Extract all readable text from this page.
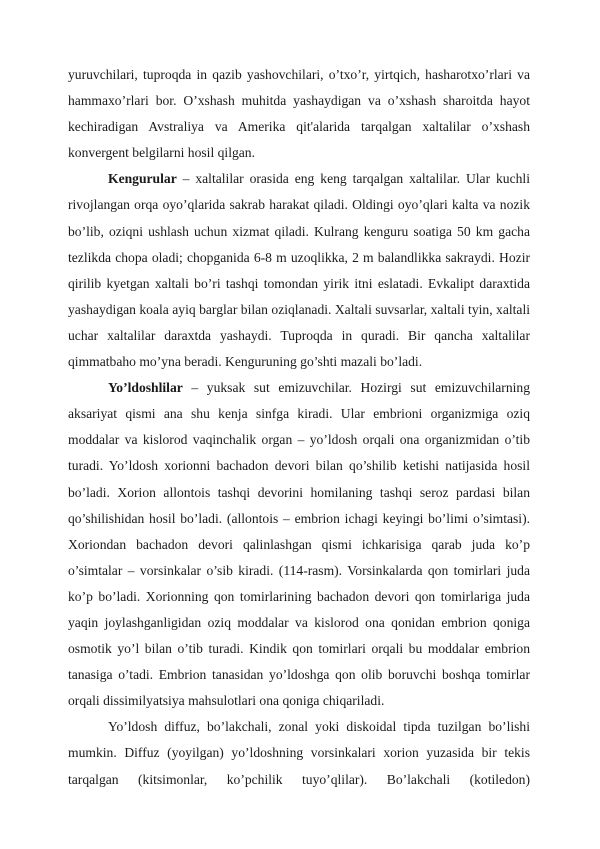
yuruvchilari, tuproqda in qazib yashovchilari, o’txo’r, yirtqich, hasharotxo’rlari va hammaxo’rlari bor. O’xshash muhitda yashaydigan va o’xshash sharoitda hayot kechiradigan Avstraliya va Amerika qit'alarida tarqalgan xaltalilar o’xshash konvergent belgilarni hosil qilgan.

Kengurular – xaltalilar orasida eng keng tarqalgan xaltalilar. Ular kuchli rivojlangan orqa oyo’qlarida sakrab harakat qiladi. Oldingi oyo’qlari kalta va nozik bo’lib, oziqni ushlash uchun xizmat qiladi. Kulrang kenguru soatiga 50 km gacha tezlikda chopa oladi; chopganida 6-8 m uzoqlikka, 2 m balandlikka sakraydi. Hozir qirilib kyetgan xaltali bo’ri tashqi tomondan yirik itni eslatadi. Evkalipt daraxtida yashaydigan koala ayiq barglar bilan oziqlanadi. Xaltali suvsarlar, xaltali tyin, xaltali uchar xaltalilar daraxtda yashaydi. Tuproqda in quradi. Bir qancha xaltalilar qimmatbaho mo’yna beradi. Kenguruning go’shti mazali bo’ladi.

Yo’ldoshlilar – yuksak sut emizuvchilar. Hozirgi sut emizuvchilarning aksariyat qismi ana shu kenja sinfga kiradi. Ular embrioni organizmiga oziq moddalar va kislorod vaqinchalik organ – yo’ldosh orqali ona organizmidan o’tib turadi. Yo’ldosh xorionni bachadon devori bilan qo’shilib ketishi natijasida hosil bo’ladi. Xorion allontois tashqi devorini homilaning tashqi seroz pardasi bilan qo’shilishidan hosil bo’ladi. (allontois – embrion ichagi keyingi bo’limi o’simtasi). Xoriondan bachadon devori qalinlashgan qismi ichkarisiga qarab juda ko’p o’simtalar – vorsinkalar o’sib kiradi. (114-rasm). Vorsinkalarda qon tomirlari juda ko’p bo’ladi. Xorionning qon tomirlarining bachadon devori qon tomirlariga juda yaqin joylashganligidan oziq moddalar va kislorod ona qonidan embrion qoniga osmotik yo’l bilan o’tib turadi. Kindik qon tomirlari orqali bu moddalar embrion tanasiga o’tadi. Embrion tanasidan yo’ldoshga qon olib boruvchi boshqa tomirlar orqali dissimilyatsiya mahsulotlari ona qoniga chiqariladi.

Yo’ldosh diffuz, bo’lakchali, zonal yoki diskoidal tipda tuzilgan bo’lishi mumkin. Diffuz (yoyilgan) yo’ldoshning vorsinkalari xorion yuzasida bir tekis tarqalgan (kitsimonlar, ko’pchilik tuyo’qlilar). Bo’lakchali (kotiledon)
